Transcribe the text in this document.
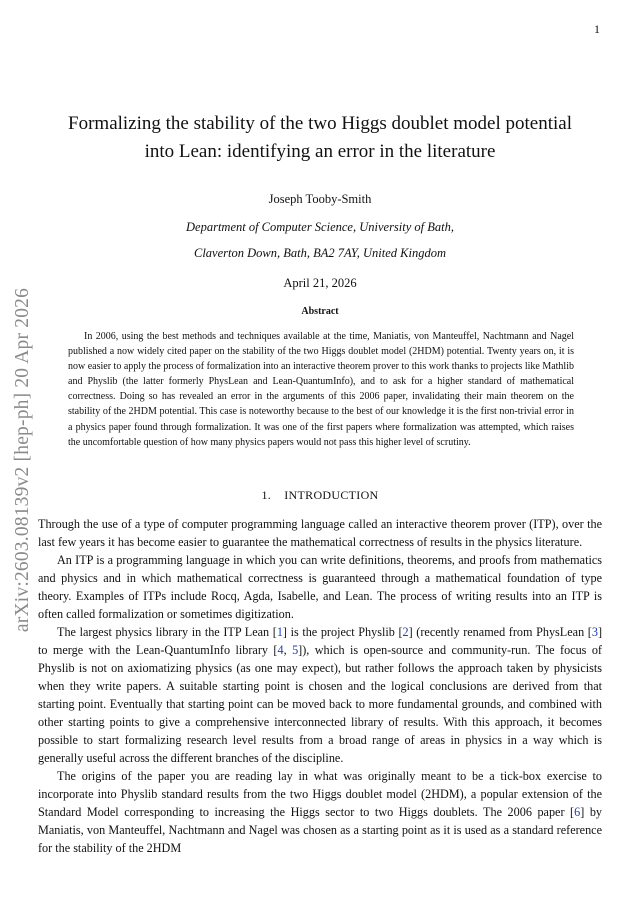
1
arXiv:2603.08139v2 [hep-ph] 20 Apr 2026
Formalizing the stability of the two Higgs doublet model potential
into Lean: identifying an error in the literature
Joseph Tooby-Smith
Department of Computer Science, University of Bath,
Claverton Down, Bath, BA2 7AY, United Kingdom
April 21, 2026
Abstract

In 2006, using the best methods and techniques available at the time, Maniatis, von Manteuffel, Nachtmann and Nagel published a now widely cited paper on the stability of the two Higgs doublet model (2HDM) potential. Twenty years on, it is now easier to apply the process of formalization into an interactive theorem prover to this work thanks to projects like Mathlib and Physlib (the latter formerly PhysLean and Lean-QuantumInfo), and to ask for a higher standard of mathematical correctness. Doing so has revealed an error in the arguments of this 2006 paper, invalidating their main theorem on the stability of the 2HDM potential. This case is noteworthy because to the best of our knowledge it is the first non-trivial error in a physics paper found through formalization. It was one of the first papers where formalization was attempted, which raises the uncomfortable question of how many physics papers would not pass this higher level of scrutiny.

1. INTRODUCTION

Through the use of a type of computer programming language called an interactive theorem prover (ITP), over the last few years it has become easier to guarantee the mathematical correctness of results in the physics literature.

An ITP is a programming language in which you can write definitions, theorems, and proofs from mathematics and physics and in which mathematical correctness is guaranteed through a mathematical foundation of type theory. Examples of ITPs include Rocq, Agda, Isabelle, and Lean. The process of writing results into an ITP is often called formalization or sometimes digitization.

The largest physics library in the ITP Lean [1] is the project Physlib [2] (recently renamed from PhysLean [3] to merge with the Lean-QuantumInfo library [4, 5]), which is open-source and community-run. The focus of Physlib is not on axiomatizing physics (as one may expect), but rather follows the approach taken by physicists when they write papers. A suitable starting point is chosen and the logical conclusions are derived from that starting point. Eventually that starting point can be moved back to more fundamental grounds, and combined with other starting points to give a comprehensive interconnected library of results. With this approach, it becomes possible to start formalizing research level results from a broad range of areas in physics in a way which is generally useful across the different branches of the discipline.

The origins of the paper you are reading lay in what was originally meant to be a tick-box exercise to incorporate into Physlib standard results from the two Higgs doublet model (2HDM), a popular extension of the Standard Model corresponding to increasing the Higgs sector to two Higgs doublets. The 2006 paper [6] by Maniatis, von Manteuffel, Nachtmann and Nagel was chosen as a starting point as it is used as a standard reference for the stability of the 2HDM
